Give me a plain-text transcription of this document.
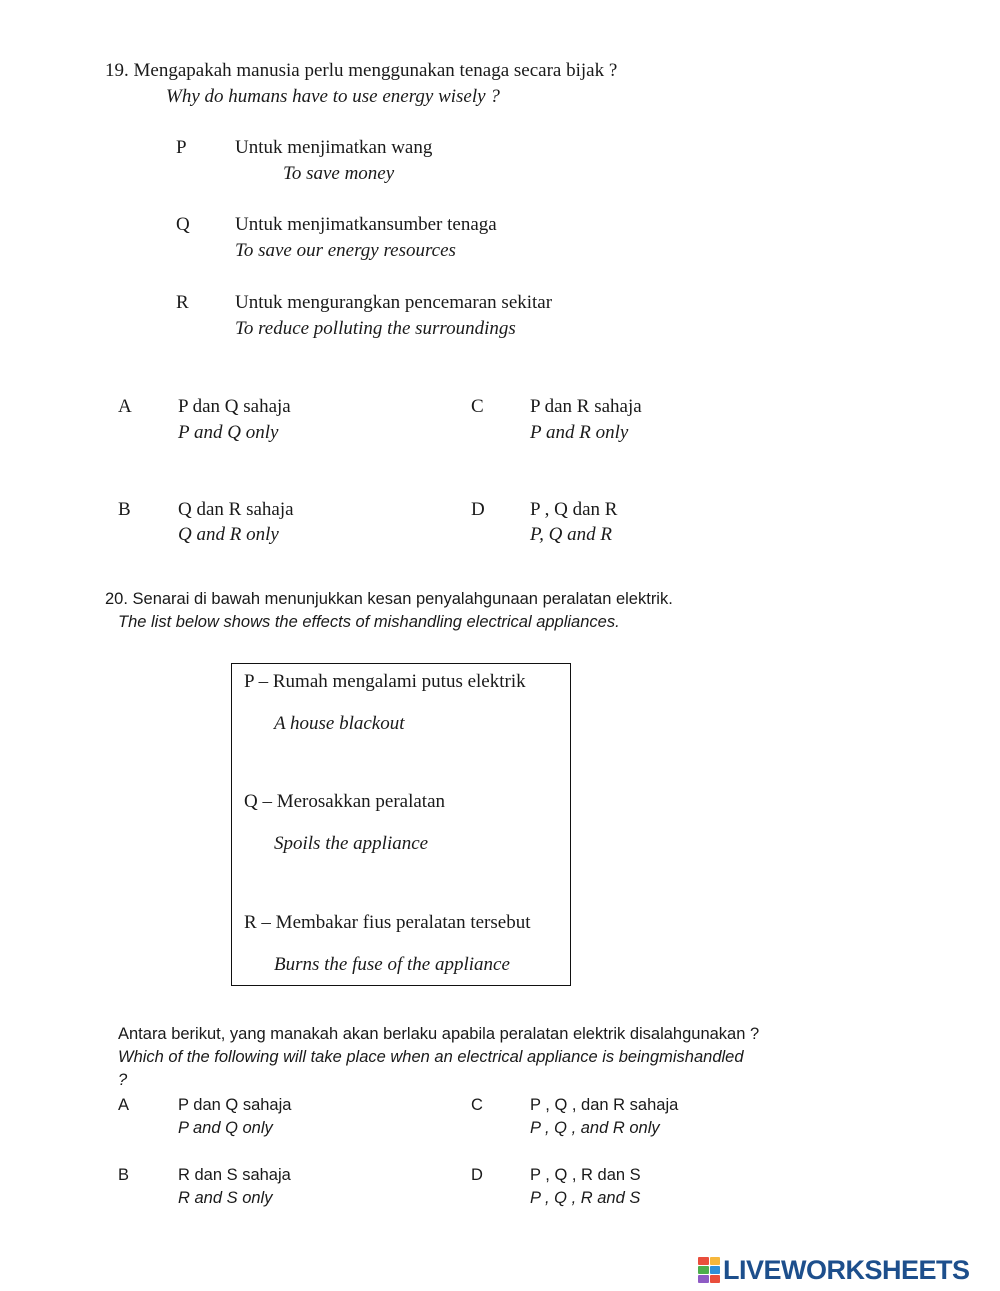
19. Mengapakah manusia perlu menggunakan tenaga secara bijak ?
Why do humans have to use energy wisely ?
P	Untuk menjimatkan wang
To save money
Q Untuk menjimatkansumber tenaga
To save our energy resources
R Untuk mengurangkan pencemaran sekitar
To reduce polluting the surroundings
A P dan Q sahaja
P and Q only
C P dan R sahaja
P and R only
B Q dan R sahaja
Q and R only
D P , Q dan R
P, Q and R
20. Senarai di bawah menunjukkan kesan penyalahgunaan peralatan elektrik.
The list below shows the effects of mishandling electrical appliances.
P – Rumah mengalami putus elektrik
A house blackout
Q – Merosakkan peralatan
Spoils the appliance
R – Membakar fius peralatan tersebut
Burns the fuse of the appliance
Antara berikut, yang manakah akan berlaku apabila peralatan elektrik disalahgunakan ?
Which of the following will take place when an electrical appliance is beingmishandled
?
A	P dan Q sahaja
P and Q only
C	P , Q , dan R sahaja
P , Q , and R only
B	R dan S sahaja
R and S only
D	P , Q , R dan S
P , Q , R and S
LIVEWORKSHEETS
